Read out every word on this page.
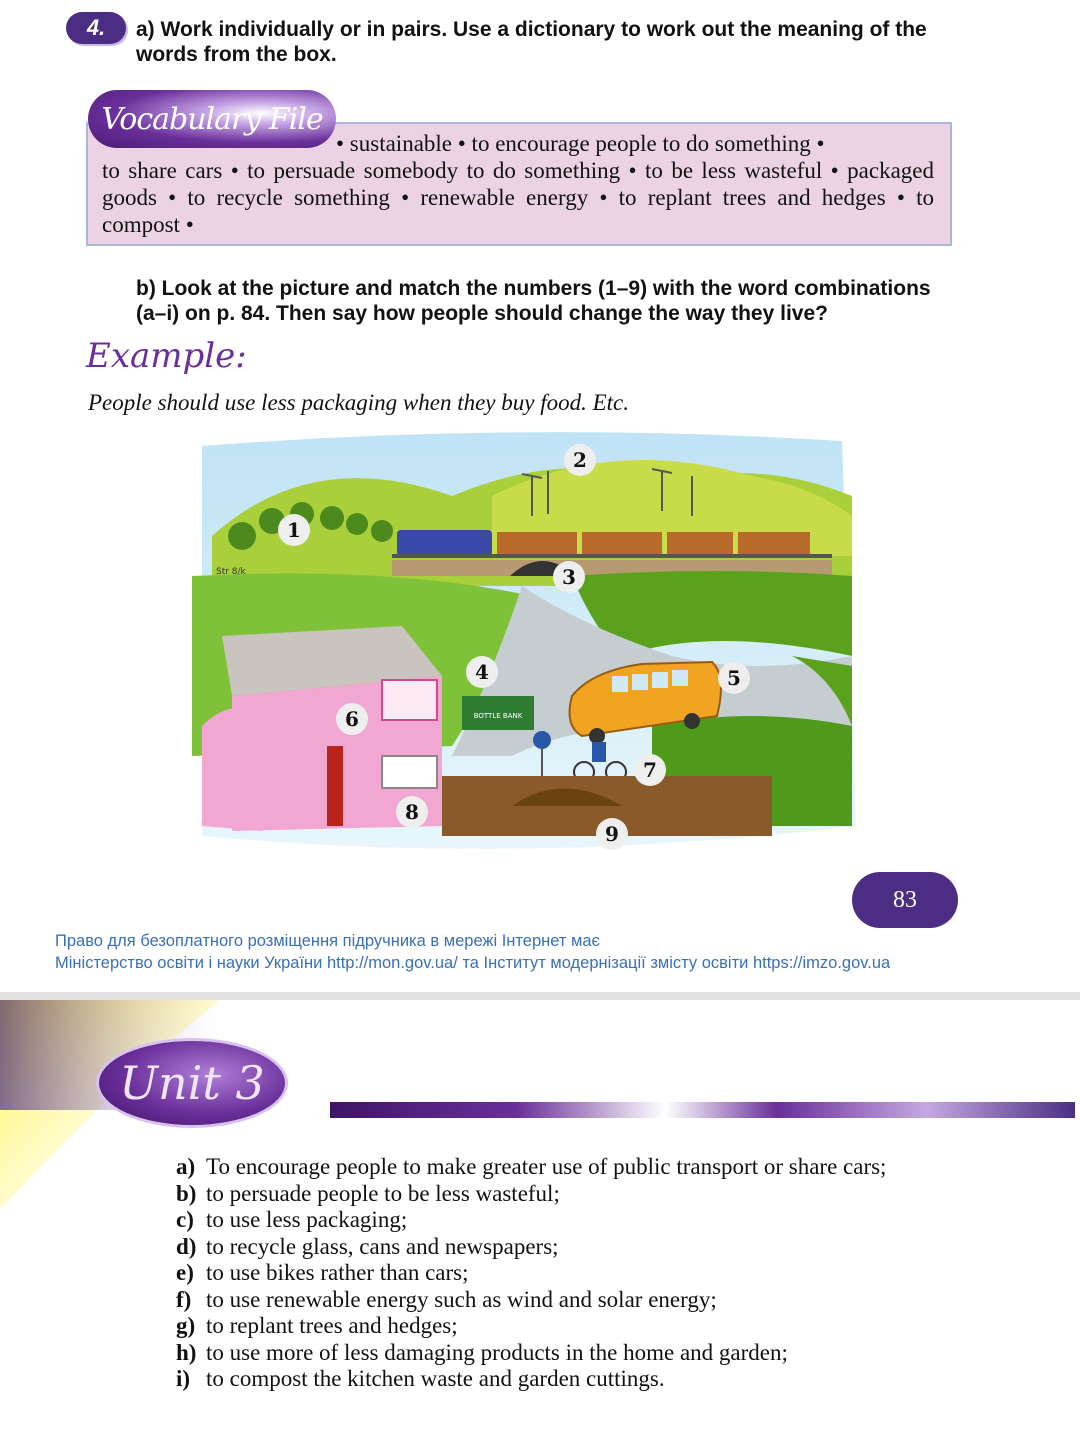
4.	a) Work individually or in pairs. Use a dictionary to work out the meaning of the words from the box.
• sustainable • to encourage people to do something •
to share cars • to persuade somebody to do something • to be less wasteful • packaged goods • to recycle something • renewable energy • to replant trees and hedges • to compost •
Vocabulary File
b) Look at the picture and match the numbers (1–9) with the word combinations (a–i) on p. 84. Then say how people should change the way they live?
Example:
People should use less packaging when they buy food. Etc.
BOTTLE BANK
Str 8/k
1
2
3
4	5
6
7
8
9
83
Право для безоплатного розміщення підручника в мережі Інтернет має
Міністерство освіти і науки України http://mon.gov.ua/ та Інститут модернізації змісту освіти https://imzo.gov.ua
Unit 3
a) To encourage people to make greater use of public transport or share cars;
b) to persuade people to be less wasteful;
c) to use less packaging;
d) to recycle glass, cans and newspapers;
e) to use bikes rather than cars;
f) to use renewable energy such as wind and solar energy;
g) to replant trees and hedges;
h) to use more of less damaging products in the home and garden;
i) to compost the kitchen waste and garden cuttings.
